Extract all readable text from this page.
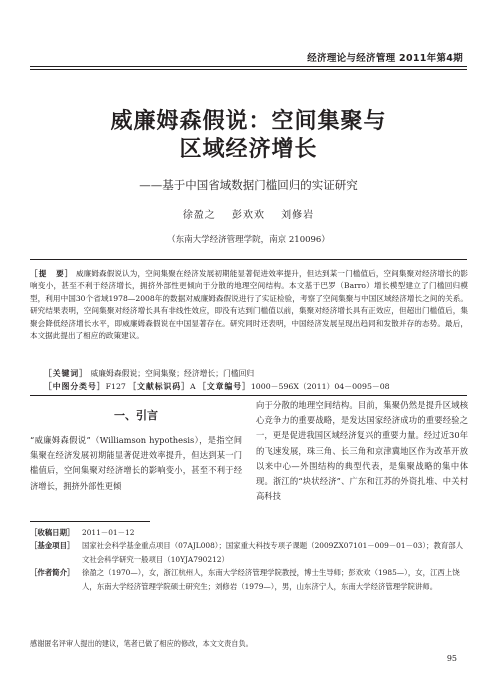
经济理论与经济管理 2011年第4期
威廉姆森假说：空间集聚与
区域经济增长
——基于中国省域数据门槛回归的实证研究
徐盈之 彭欢欢 刘修岩
（东南大学经济管理学院，南京 210096）
［提　要］ 威廉姆森假说认为，空间集聚在经济发展初期能显著促进效率提升，但达到某一门槛值后，空间集聚对经济增长的影响变小，甚至不利于经济增长，拥挤外部性更倾向于分散的地理空间结构。本文基于巴罗（Barro）增长模型建立了门槛回归模型，利用中国30个省域1978—2008年的数据对威廉姆森假说进行了实证检验，考察了空间集聚与中国区域经济增长之间的关系。研究结果表明，空间集聚对经济增长具有非线性效应，即没有达到门槛值以前，集聚对经济增长具有正效应，但超出门槛值后，集聚会降低经济增长水平，即威廉姆森假说在中国显著存在。研究同时还表明，中国经济发展呈现出趋同和发散并存的态势。最后，本文据此提出了相应的政策建议。
［关键词］ 威廉姆森假说；空间集聚；经济增长；门槛回归
［中图分类号］F127 ［文献标识码］A ［文章编号］1000－596X（2011）04－0095－08
一、引言
“威廉姆森假说”（Williamson hypothesis），是指空间集聚在经济发展初期能显著促进效率提升，但达到某一门槛值后，空间集聚对经济增长的影响变小，甚至不利于经济增长，拥挤外部性更倾
向于分散的地理空间结构。目前，集聚仍然是提升区域核心竞争力的重要战略，是发达国家经济成功的重要经验之一，更是促进我国区域经济复兴的重要力量。经过近30年的飞速发展，珠三角、长三角和京津冀地区作为改革开放以来中心—外围结构的典型代表，是集聚战略的集中体现。浙江的“块状经济”、广东和江苏的外资扎堆、中关村高科技
［收稿日期］ 2011－01－12
［基金项目］ 国家社会科学基金重点项目（07AJL008）；国家重大科技专项子课题（2009ZX07101－009－01－03）；教育部人文社会科学研究一般项目（10YJA790212）
［作者简介］ 徐盈之（1970—），女，浙江杭州人，东南大学经济管理学院教授，博士生导师；彭欢欢（1985—），女，江西上饶人，东南大学经济管理学院硕士研究生；刘修岩（1979—），男，山东济宁人，东南大学经济管理学院讲师。
感谢匿名评审人提出的建议，笔者已做了相应的修改，本文文责自负。
95
